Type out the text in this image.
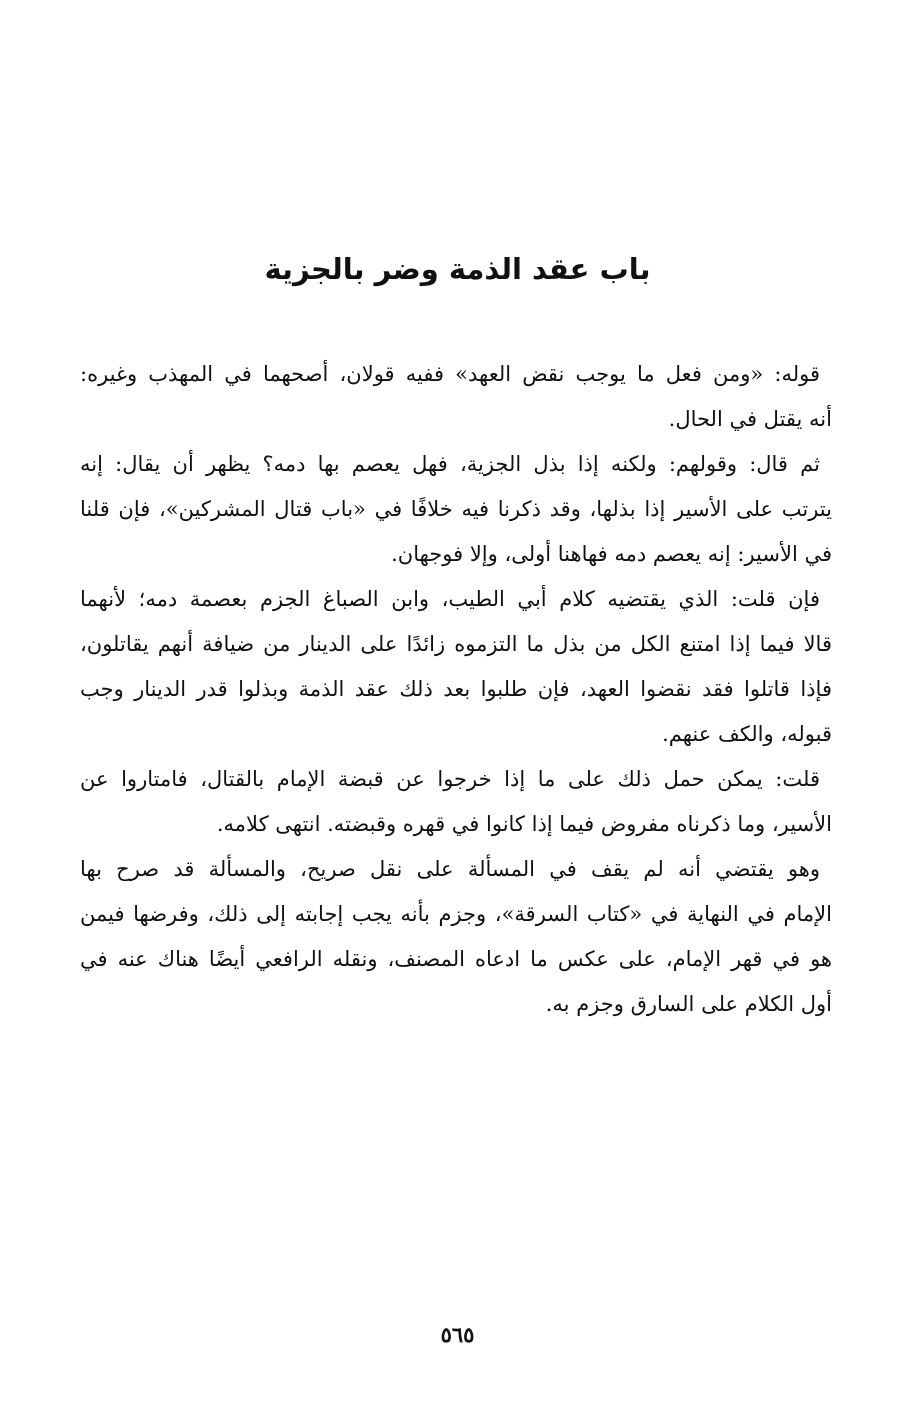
باب عقد الذمة وضر بالجزية
قوله: «ومن فعل ما يوجب نقض العهد» ففيه قولان، أصحهما في المهذب وغيره:
أنه يقتل في الحال.
ثم قال: وقولهم: ولكنه إذا بذل الجزية، فهل يعصم بها دمه؟ يظهر أن يقال: إنه
يترتب على الأسير إذا بذلها، وقد ذكرنا فيه خلافًا في «باب قتال المشركين»، فإن قلنا
في الأسير: إنه يعصم دمه فهاهنا أولى، وإلا فوجهان.
فإن قلت: الذي يقتضيه كلام أبي الطيب، وابن الصباغ الجزم بعصمة دمه؛ لأنهما
قالا فيما إذا امتنع الكل من بذل ما التزموه زائدًا على الدينار من ضيافة أنهم يقاتلون،
فإذا قاتلوا فقد نقضوا العهد، فإن طلبوا بعد ذلك عقد الذمة وبذلوا قدر الدينار وجب
قبوله، والكف عنهم.
قلت: يمكن حمل ذلك على ما إذا خرجوا عن قبضة الإمام بالقتال، فامتاروا عن
الأسير، وما ذكرناه مفروض فيما إذا كانوا في قهره وقبضته. انتهى كلامه.
وهو يقتضي أنه لم يقف في المسألة على نقل صريح، والمسألة قد صرح بها
الإمام في النهاية في «كتاب السرقة»، وجزم بأنه يجب إجابته إلى ذلك، وفرضها فيمن
هو في قهر الإمام، على عكس ما ادعاه المصنف، ونقله الرافعي أيضًا هناك عنه في
أول الكلام على السارق وجزم به.
٥٦٥
